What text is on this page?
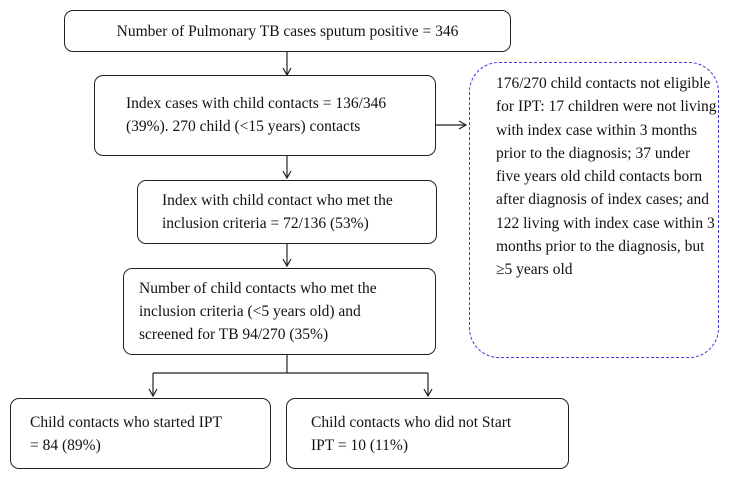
Number of Pulmonary TB cases sputum positive = 346
Index cases with child contacts = 136/346
(39%). 270 child (<15 years) contacts
Index with child contact who met the
inclusion criteria = 72/136 (53%)
Number of child contacts who met the
inclusion criteria (<5 years old) and
screened for TB 94/270 (35%)
Child contacts who started IPT
= 84 (89%)
Child contacts who did not Start
IPT = 10 (11%)
176/270 child contacts not eligible for IPT: 17 children were not living with index case within 3 months prior to the diagnosis; 37 under five years old child contacts born after diagnosis of index cases; and 122 living with index case within 3 months prior to the diagnosis, but ≥5 years old
